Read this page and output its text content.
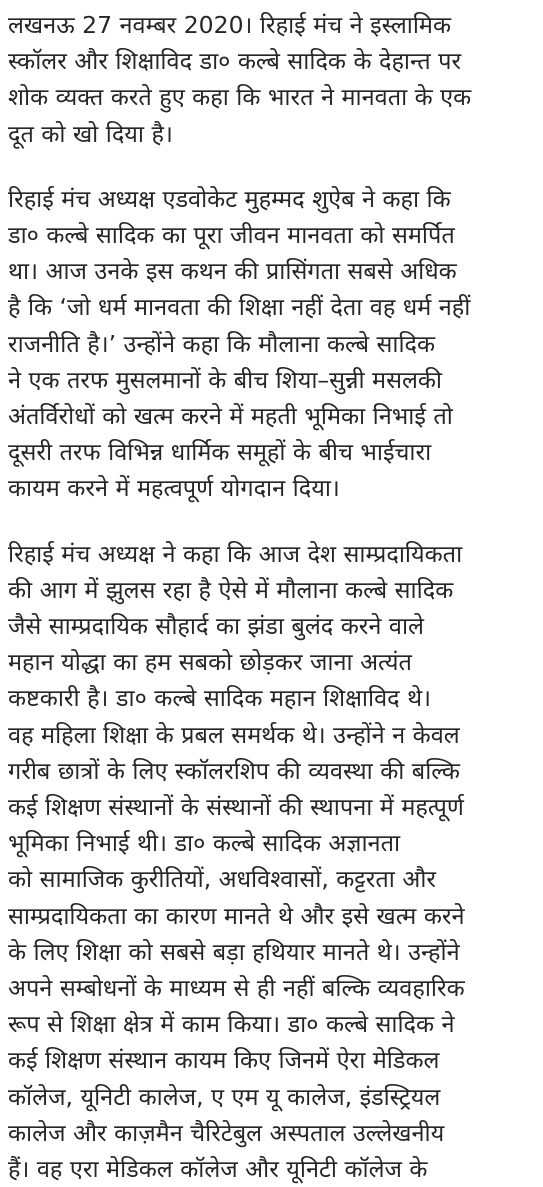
लखनऊ 27 नवम्बर 2020। रिहाई मंच ने इस्लामिक
स्कॉलर और शिक्षाविद डा० कल्बे सादिक के देहान्त पर
शोक व्यक्त करते हुए कहा कि भारत ने मानवता के एक
दूत को खो दिया है।

रिहाई मंच अध्यक्ष एडवोकेट मुहम्मद शुऐब ने कहा कि
डा० कल्बे सादिक का पूरा जीवन मानवता को समर्पित
था। आज उनके इस कथन की प्रासिंगता सबसे अधिक
है कि ‘जो धर्म मानवता की शिक्षा नहीं देता वह धर्म नहीं
राजनीति है।’ उन्होंने कहा कि मौलाना कल्बे सादिक
ने एक तरफ मुसलमानों के बीच शिया–सुन्नी मसलकी
अंतर्विरोधों को खत्म करने में महती भूमिका निभाई तो
दूसरी तरफ विभिन्न धार्मिक समूहों के बीच भाईचारा
कायम करने में महत्वपूर्ण योगदान दिया।

रिहाई मंच अध्यक्ष ने कहा कि आज देश साम्प्रदायिकता
की आग में झुलस रहा है ऐसे में मौलाना कल्बे सादिक
जैसे साम्प्रदायिक सौहार्द का झंडा बुलंद करने वाले
महान योद्धा का हम सबको छोड़कर जाना अत्यंत
कष्टकारी है। डा० कल्बे सादिक महान शिक्षाविद थे।
वह महिला शिक्षा के प्रबल समर्थक थे। उन्होंने न केवल
गरीब छात्रों के लिए स्कॉलरशिप की व्यवस्था की बल्कि
कई शिक्षण संस्थानों के संस्थानों की स्थापना में महत्पूर्ण
भूमिका निभाई थी। डा० कल्बे सादिक अज्ञानता
को सामाजिक कुरीतियों, अधविश्वासों, कट्टरता और
साम्प्रदायिकता का कारण मानते थे और इसे खत्म करने
के लिए शिक्षा को सबसे बड़ा हथियार मानते थे। उन्होंने
अपने सम्बोधनों के माध्यम से ही नहीं बल्कि व्यवहारिक
रूप से शिक्षा क्षेत्र में काम किया। डा० कल्बे सादिक ने
कई शिक्षण संस्थान कायम किए जिनमें ऐरा मेडिकल
कॉलेज, यूनिटी कालेज, ए एम यू कालेज, इंडस्ट्रियल
कालेज और काज़मैन चैरिटेबुल अस्पताल उल्लेखनीय
हैं। वह एरा मेडिकल कॉलेज और यूनिटी कॉलेज के
